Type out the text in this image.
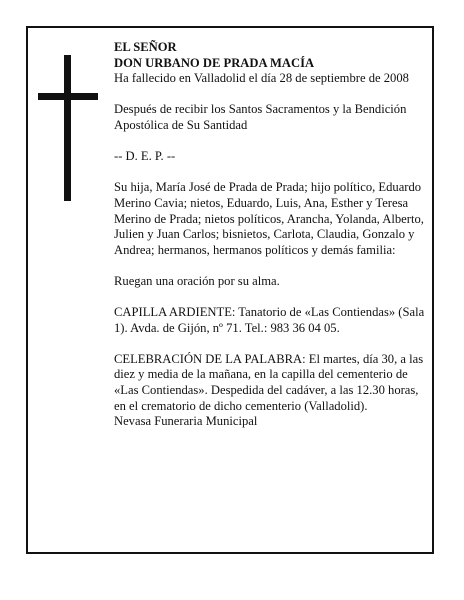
EL SEÑOR
DON URBANO DE PRADA MACÍA

Ha fallecido en Valladolid el día 28 de septiembre de 2008

Después de recibir los Santos Sacramentos y la Bendición Apostólica de Su Santidad

-- D. E. P. --

Su hija, María José de Prada de Prada; hijo político, Eduardo Merino Cavia; nietos, Eduardo, Luis, Ana, Esther y Teresa Merino de Prada; nietos políticos, Arancha, Yolanda, Alberto, Julien y Juan Carlos; bisnietos, Carlota, Claudia, Gonzalo y Andrea; hermanos, hermanos políticos y demás familia:

Ruegan una oración por su alma.

CAPILLA ARDIENTE: Tanatorio de «Las Contiendas» (Sala 1). Avda. de Gijón, nº 71. Tel.: 983 36 04 05.

CELEBRACIÓN DE LA PALABRA: El martes, día 30, a las diez y media de la mañana, en la capilla del cementerio de «Las Contiendas». Despedida del cadáver, a las 12.30 horas, en el crematorio de dicho cementerio (Valladolid).

Nevasa Funeraria Municipal
